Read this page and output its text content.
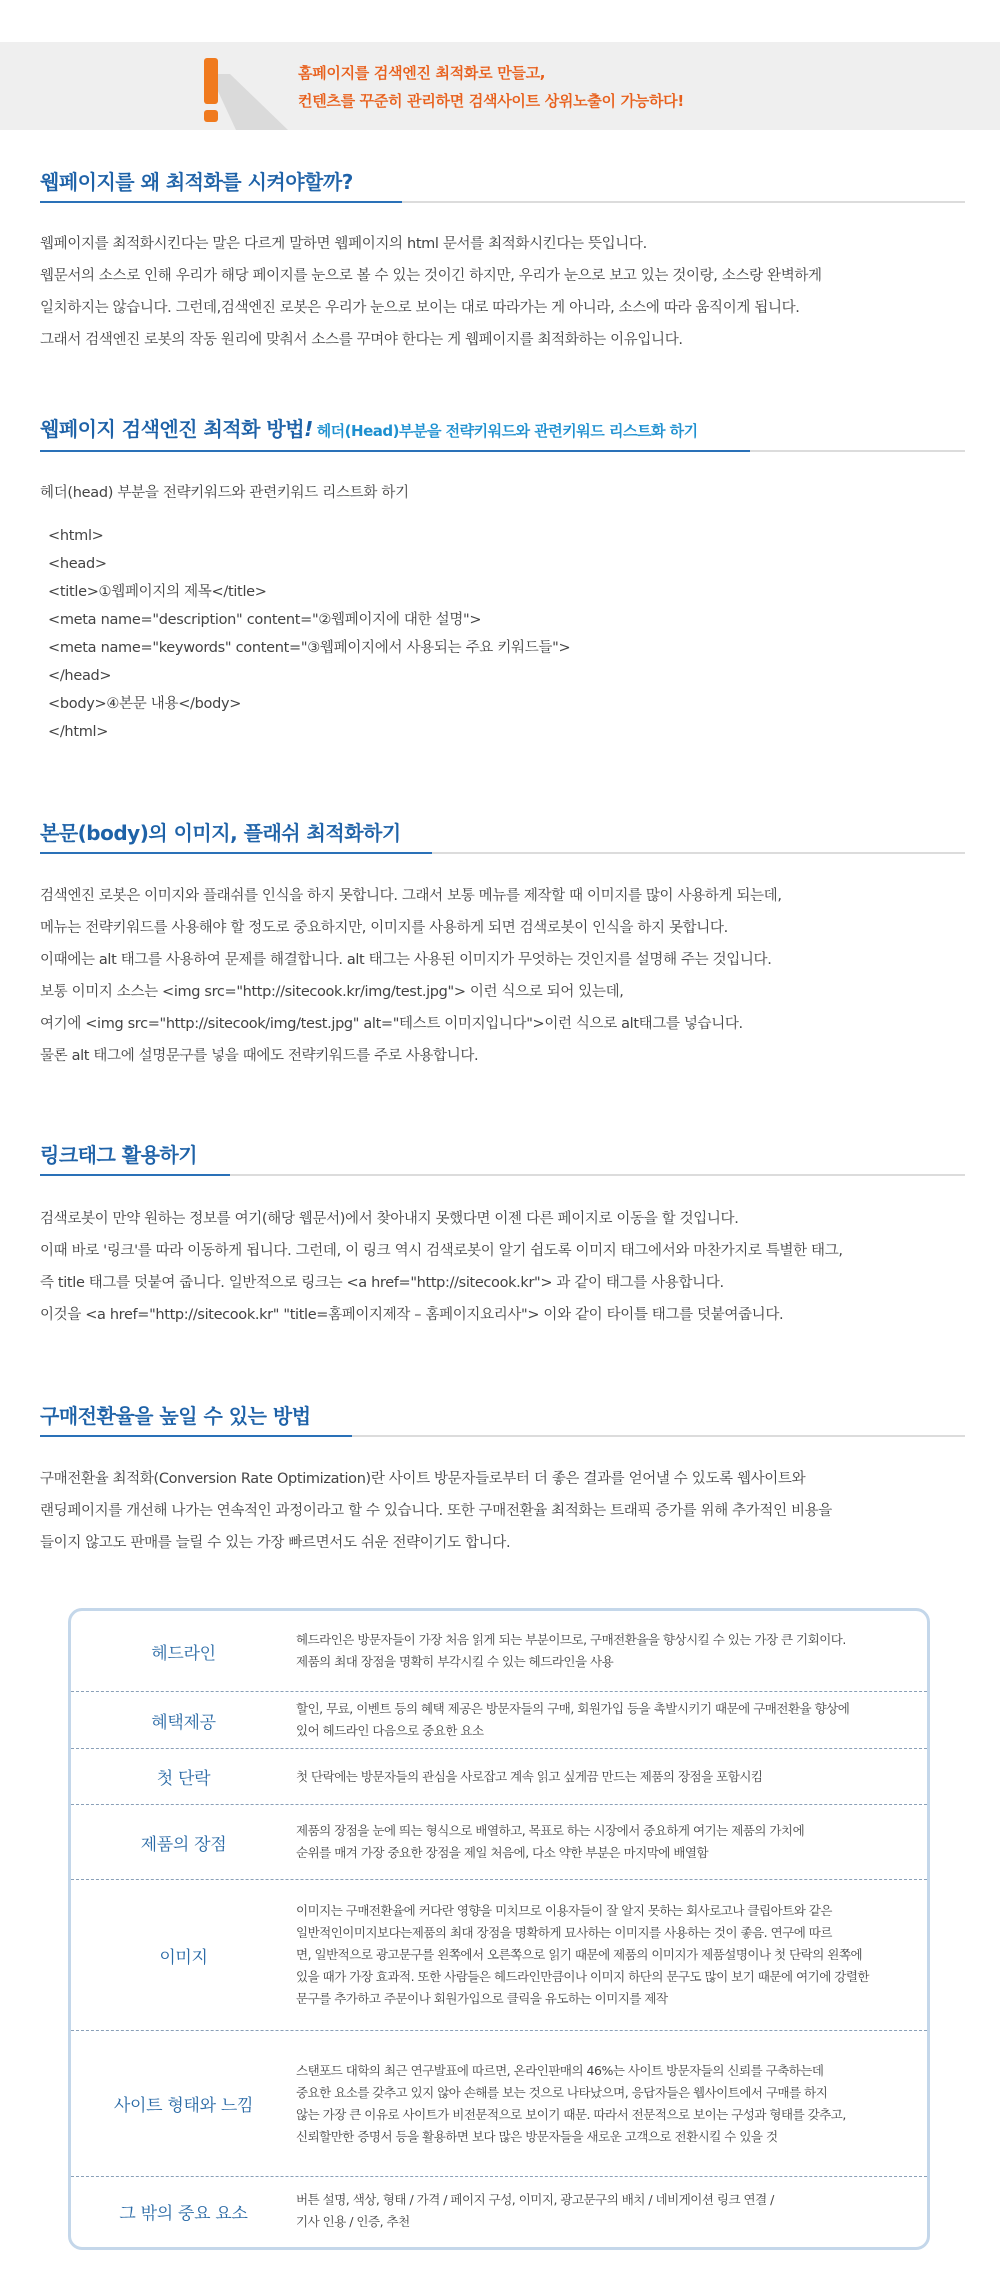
홈페이지를 검색엔진 최적화로 만들고,
컨텐츠를 꾸준히 관리하면 검색사이트 상위노출이 가능하다!
웹페이지를 왜 최적화를 시켜야할까?
웹페이지를 최적화시킨다는 말은 다르게 말하면 웹페이지의 html 문서를 최적화시킨다는 뜻입니다.
웹문서의 소스로 인해 우리가 해당 페이지를 눈으로 볼 수 있는 것이긴 하지만, 우리가 눈으로 보고 있는 것이랑, 소스랑 완벽하게
일치하지는 않습니다. 그런데,검색엔진 로봇은 우리가 눈으로 보이는 대로 따라가는 게 아니라, 소스에 따라 움직이게 됩니다.
그래서 검색엔진 로봇의 작동 원리에 맞춰서 소스를 꾸며야 한다는 게 웹페이지를 최적화하는 이유입니다.
웹페이지 검색엔진 최적화 방법! 헤더(Head)부분을 전략키워드와 관련키워드 리스트화 하기
헤더(head) 부분을 전략키워드와 관련키워드 리스트화 하기
<html>
<head>
<title>①웹페이지의 제목</title>
<meta name="description" content="②웹페이지에 대한 설명">
<meta name="keywords" content="③웹페이지에서 사용되는 주요 키워드들">
</head>
<body>④본문 내용</body>
</html>
본문(body)의 이미지, 플래쉬 최적화하기
검색엔진 로봇은 이미지와 플래쉬를 인식을 하지 못합니다. 그래서 보통 메뉴를 제작할 때 이미지를 많이 사용하게 되는데,
메뉴는 전략키워드를 사용해야 할 정도로 중요하지만, 이미지를 사용하게 되면 검색로봇이 인식을 하지 못합니다.
이때에는 alt 태그를 사용하여 문제를 해결합니다. alt 태그는 사용된 이미지가 무엇하는 것인지를 설명해 주는 것입니다.
보통 이미지 소스는 <img src="http://sitecook.kr/img/test.jpg"> 이런 식으로 되어 있는데,
여기에 <img src="http://sitecook/img/test.jpg" alt="테스트 이미지입니다">이런 식으로 alt태그를 넣습니다.
물론 alt 태그에 설명문구를 넣을 때에도 전략키워드를 주로 사용합니다.
링크태그 활용하기
검색로봇이 만약 원하는 정보를 여기(해당 웹문서)에서 찾아내지 못했다면 이젠 다른 페이지로 이동을 할 것입니다.
이때 바로 '링크'를 따라 이동하게 됩니다. 그런데, 이 링크 역시 검색로봇이 알기 쉽도록 이미지 태그에서와 마찬가지로 특별한 태그,
즉 title 태그를 덧붙여 줍니다. 일반적으로 링크는 <a href="http://sitecook.kr"> 과 같이 태그를 사용합니다.
이것을 <a href="http://sitecook.kr" "title=홈페이지제작 – 홈페이지요리사"> 이와 같이 타이틀 태그를 덧붙여줍니다.
구매전환율을 높일 수 있는 방법
구매전환율 최적화(Conversion Rate Optimization)란 사이트 방문자들로부터 더 좋은 결과를 얻어낼 수 있도록 웹사이트와
랜딩페이지를 개선해 나가는 연속적인 과정이라고 할 수 있습니다. 또한 구매전환율 최적화는 트래픽 증가를 위해 추가적인 비용을
들이지 않고도 판매를 늘릴 수 있는 가장 빠르면서도 쉬운 전략이기도 합니다.
헤드라인
헤드라인은 방문자들이 가장 처음 읽게 되는 부분이므로, 구매전환율을 향상시킬 수 있는 가장 큰 기회이다.
제품의 최대 장점을 명확히 부각시킬 수 있는 헤드라인을 사용
혜택제공
할인, 무료, 이벤트 등의 혜택 제공은 방문자들의 구매, 회원가입 등을 촉발시키기 때문에 구매전환율 향상에
있어 헤드라인 다음으로 중요한 요소
첫 단락	첫 단락에는 방문자들의 관심을 사로잡고 계속 읽고 싶게끔 만드는 제품의 장점을 포함시킴
제품의 장점
제품의 장점을 눈에 띄는 형식으로 배열하고, 목표로 하는 시장에서 중요하게 여기는 제품의 가치에
순위를 매겨 가장 중요한 장점을 제일 처음에, 다소 약한 부분은 마지막에 배열함
이미지
이미지는 구매전환율에 커다란 영향을 미치므로 이용자들이 잘 알지 못하는 회사로고나 클립아트와 같은
일반적인이미지보다는제품의 최대 장점을 명확하게 묘사하는 이미지를 사용하는 것이 좋음. 연구에 따르
면, 일반적으로 광고문구를 왼쪽에서 오른쪽으로 읽기 때문에 제품의 이미지가 제품설명이나 첫 단락의 왼쪽에
있을 때가 가장 효과적. 또한 사람들은 헤드라인만큼이나 이미지 하단의 문구도 많이 보기 때문에 여기에 강렬한
문구를 추가하고 주문이나 회원가입으로 클릭을 유도하는 이미지를 제작
사이트 형태와 느낌
스탠포드 대학의 최근 연구발표에 따르면, 온라인판매의 46%는 사이트 방문자들의 신뢰를 구축하는데
중요한 요소를 갖추고 있지 않아 손해를 보는 것으로 나타났으며, 응답자들은 웹사이트에서 구매를 하지
않는 가장 큰 이유로 사이트가 비전문적으로 보이기 때문. 따라서 전문적으로 보이는 구성과 형태를 갖추고,
신뢰할만한 증명서 등을 활용하면 보다 많은 방문자들을 새로운 고객으로 전환시킬 수 있을 것
그 밖의 중요 요소
버튼 설명, 색상, 형태 / 가격 / 페이지 구성, 이미지, 광고문구의 배치 / 네비게이션 링크 연결 /
기사 인용 / 인증, 추천
